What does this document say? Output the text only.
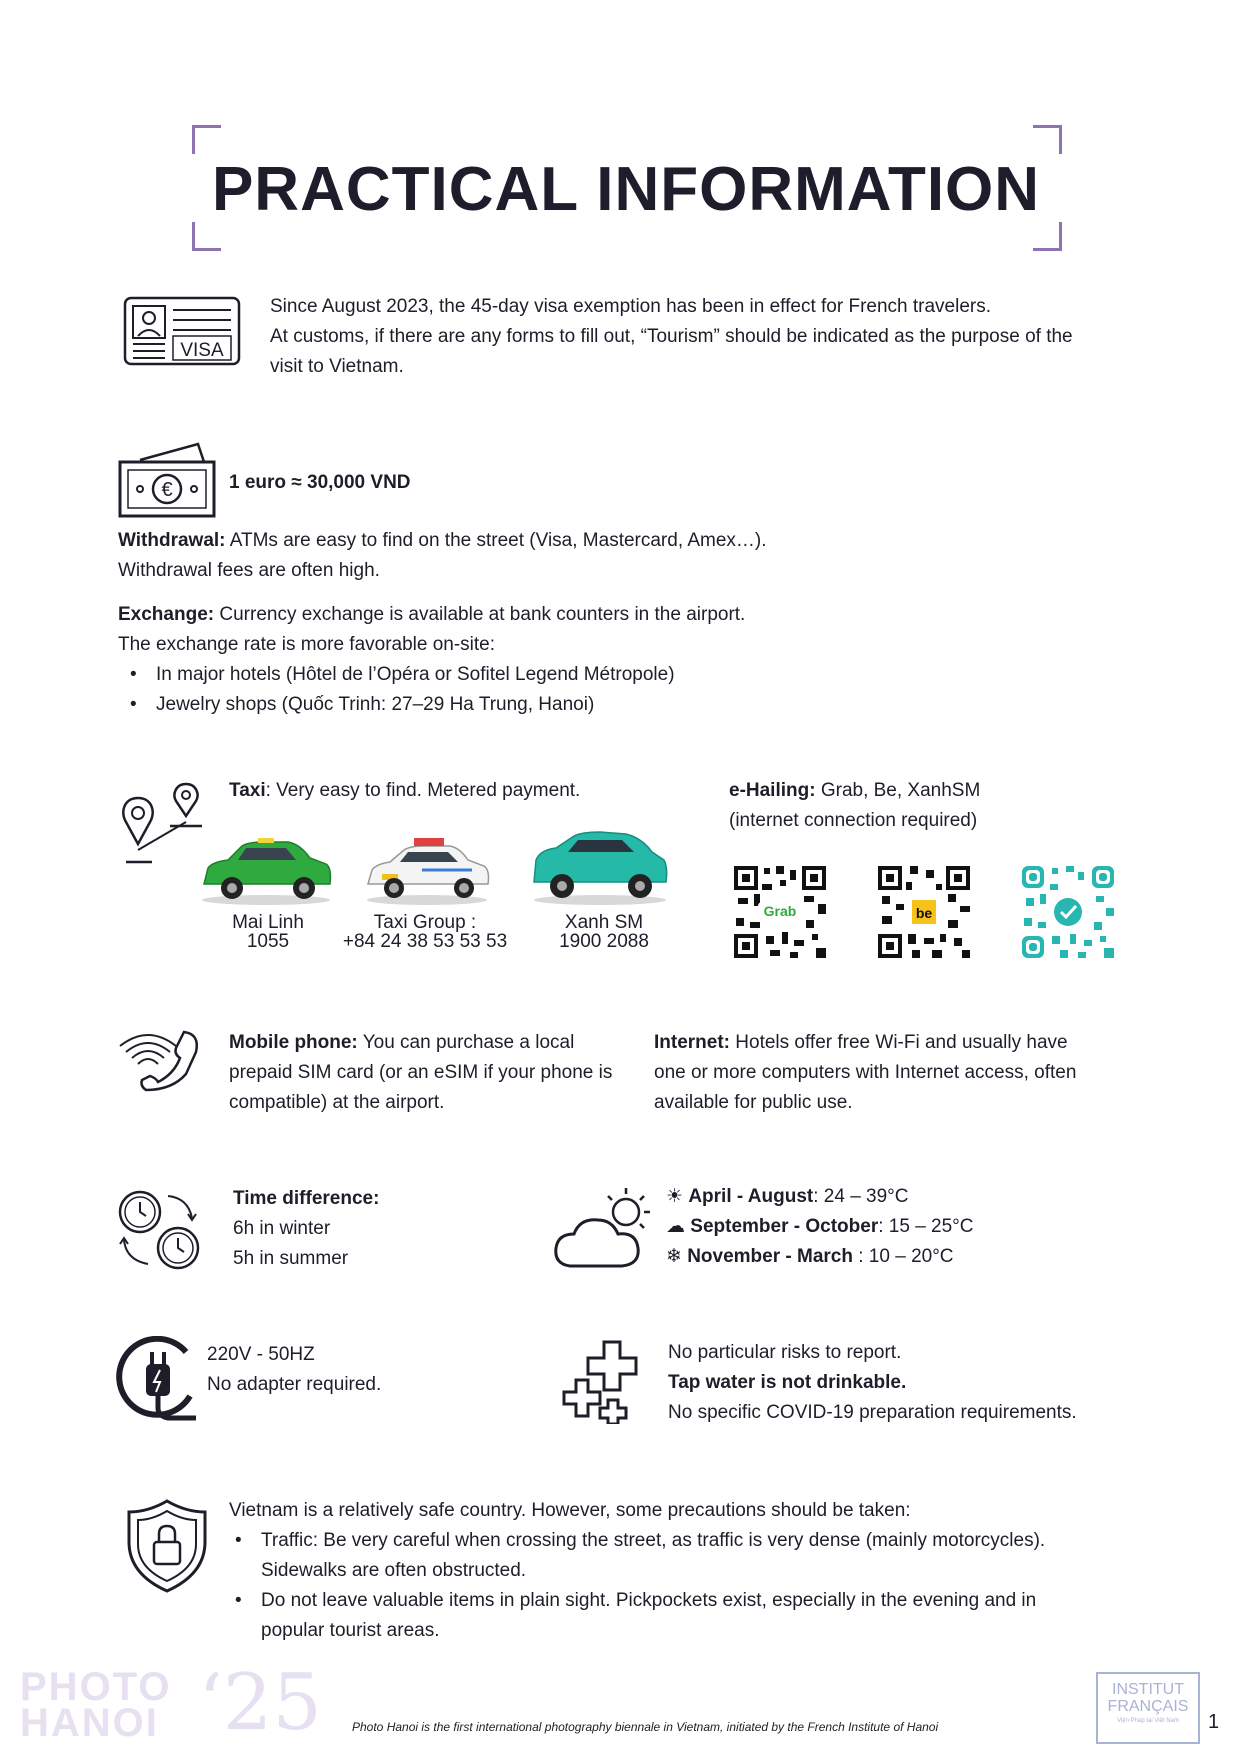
PRACTICAL INFORMATION
VISA
Since August 2023, the 45-day visa exemption has been in effect for French travelers.
At customs, if there are any forms to fill out, “Tourism” should be indicated as the purpose of the
visit to Vietnam.
€	1 euro ≈ 30,000 VND
Withdrawal: ATMs are easy to find on the street (Visa, Mastercard, Amex…).
Withdrawal fees are often high.
Exchange: Currency exchange is available at bank counters in the airport.
The exchange rate is more favorable on-site:
• In major hotels (Hôtel de l’Opéra or Sofitel Legend Métropole)
• Jewelry shops (Quốc Trinh: 27–29 Ha Trung, Hanoi)
Taxi: Very easy to find. Metered payment.	e-Hailing: Grab, Be, XanhSM
(internet connection required)
Mai Linh
1055
Taxi Group :
+84 24 38 53 53 53
Xanh SM
1900 2088
Grab	be
Mobile phone: You can purchase a local
prepaid SIM card (or an eSIM if your phone is
compatible) at the airport.
Internet: Hotels offer free Wi-Fi and usually have
one or more computers with Internet access, often
available for public use.
Time difference:
6h in winter
5h in summer
☀ April - August: 24 – 39°C
☁ September - October: 15 – 25°C
❄ November - March : 10 – 20°C
220V - 50HZ
No adapter required.
No particular risks to report.
Tap water is not drinkable.
No specific COVID-19 preparation requirements.
Vietnam is a relatively safe country. However, some precautions should be taken:
• Traffic: Be very careful when crossing the street, as traffic is very dense (mainly motorcycles).
Sidewalks are often obstructed.
• Do not leave valuable items in plain sight. Pickpockets exist, especially in the evening and in
popular tourist areas.
PHOTO
HANOI ‘25 Photo Hanoi is the first international photography biennale in Vietnam, initiated by the French Institute of Hanoi
INSTITUT
FRANÇAIS
Viện Pháp tại Việt Nam	1
